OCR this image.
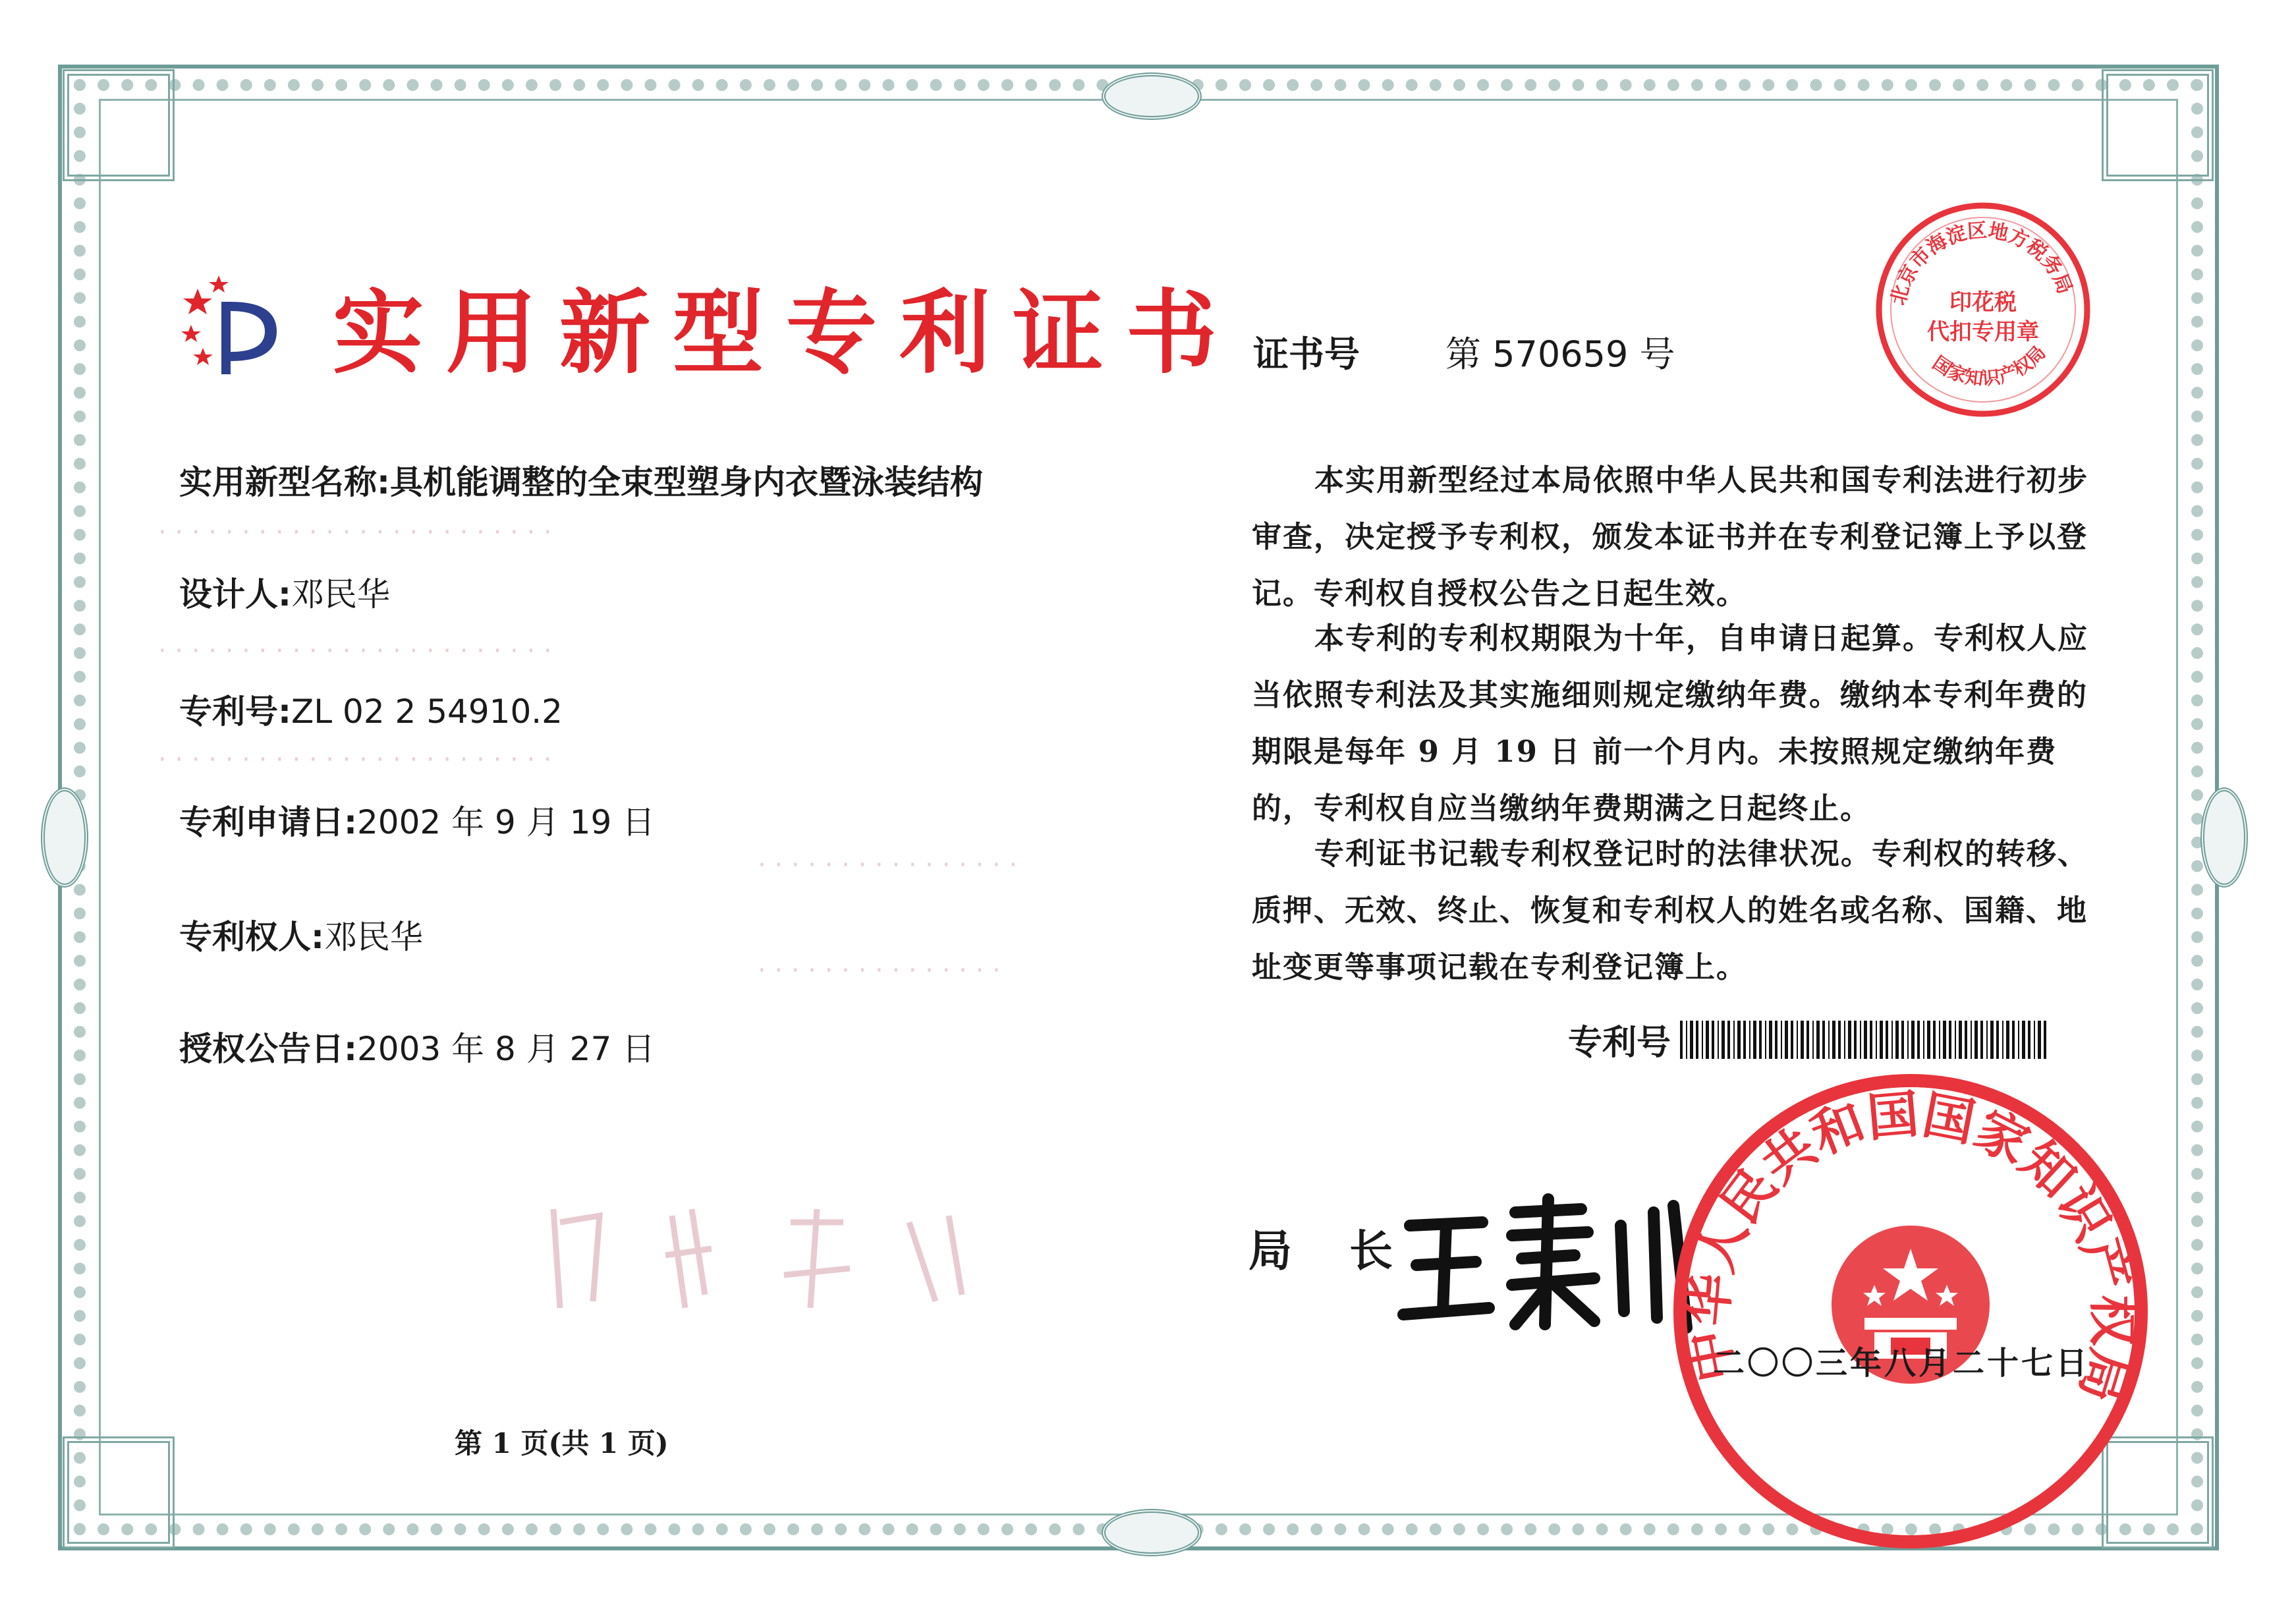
实用新型专利证书
实用新型名称:具机能调整的全束型塑身内衣暨泳装结构
设计人:邓民华
专利号:ZL 02 2 54910.2
专利申请日:2002 年 9 月 19 日
专利权人:邓民华
授权公告日:2003 年 8 月 27 日
· · · · · · · · · · · · · · · · · · · · · · · ·
· · · · · · · · · · · · · · · · · · · · · · · ·
· · · · · · · · · · · · · · · · · · · · · · · ·
· · · · · · · · · · · · · · · ·
· · · · · · · · · · · · · · ·
证书号 第 570659 号
本实用新型经过本局依照中华人民共和国专利法进行初步审查，决定授予专利权，颁发本证书并在专利登记簿上予以登记。专利权自授权公告之日起生效。
本专利的专利权期限为十年，自申请日起算。专利权人应当依照专利法及其实施细则规定缴纳年费。缴纳本专利年费的期限是每年 9 月 19 日 前一个月内。未按照规定缴纳年费的，专利权自应当缴纳年费期满之日起终止。
专利证书记载专利权登记时的法律状况。专利权的转移、质押、无效、终止、恢复和专利权人的姓名或名称、国籍、地址变更等事项记载在专利登记簿上。
专利号
北京市海淀区地方税务局
印花税
代扣专用章
国家知识产权局
局 长
中华人民共和国国家知识产权局
二〇〇三年八月二十七日
第 1 页(共 1 页)
